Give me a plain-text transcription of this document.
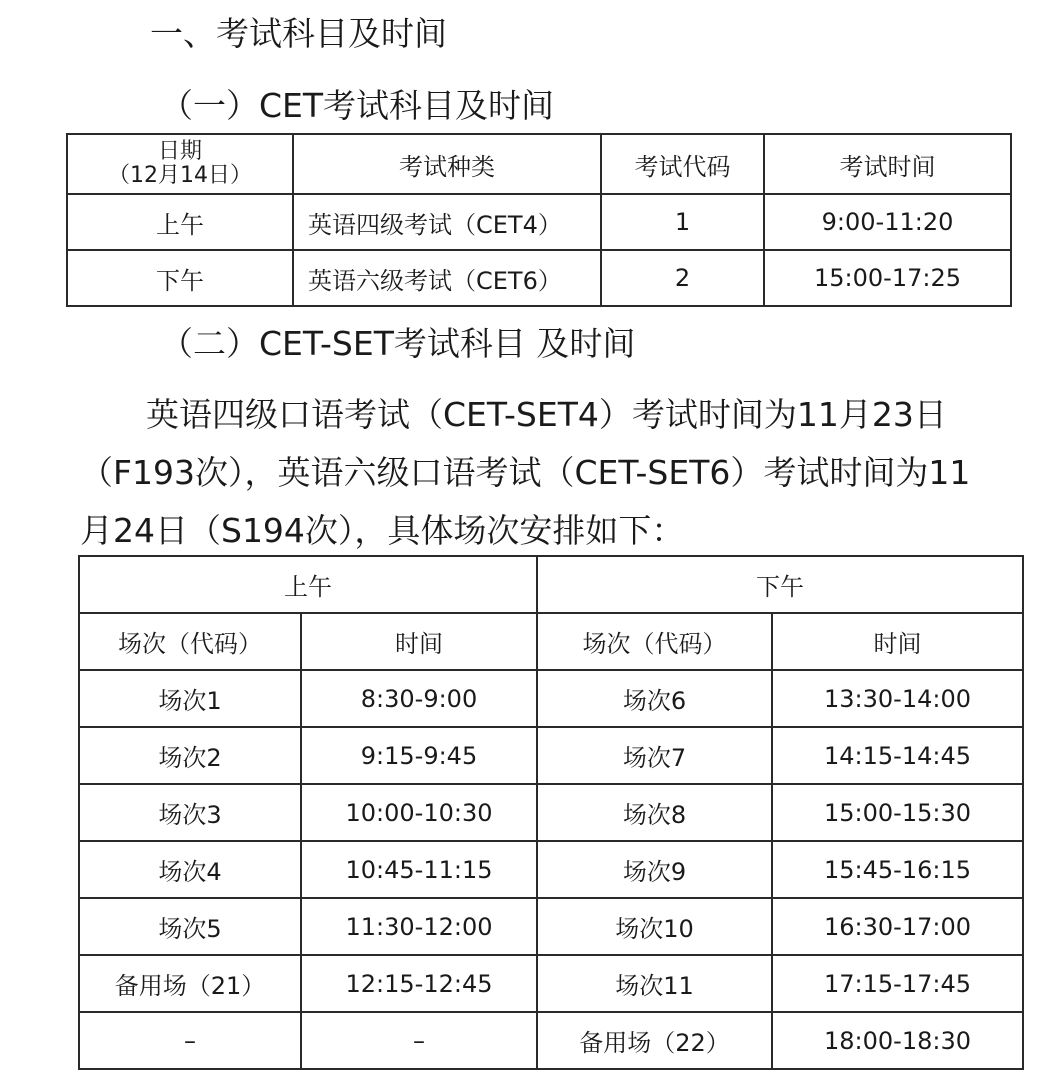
一、考试科目及时间
（一）CET考试科目及时间
日期
（12月14日）	考试种类	考试代码	考试时间
上午	英语四级考试（CET4）	1	9:00-11:20
下午	英语六级考试（CET6）	2	15:00-17:25
（二）CET-SET考试科目 及时间
英语四级口语考试（CET-SET4）考试时间为11月23日（F193次），英语六级口语考试（CET-SET6）考试时间为11月24日（S194次），具体场次安排如下：
上午		下午	
场次（代码）	时间	场次（代码）	时间
场次1	8:30-9:00	场次6	13:30-14:00
场次2	9:15-9:45	场次7	14:15-14:45
场次3	10:00-10:30	场次8	15:00-15:30
场次4	10:45-11:15	场次9	15:45-16:15
场次5	11:30-12:00	场次10	16:30-17:00
备用场（21）	12:15-12:45	场次11	17:15-17:45
–	–	备用场（22）	18:00-18:30
